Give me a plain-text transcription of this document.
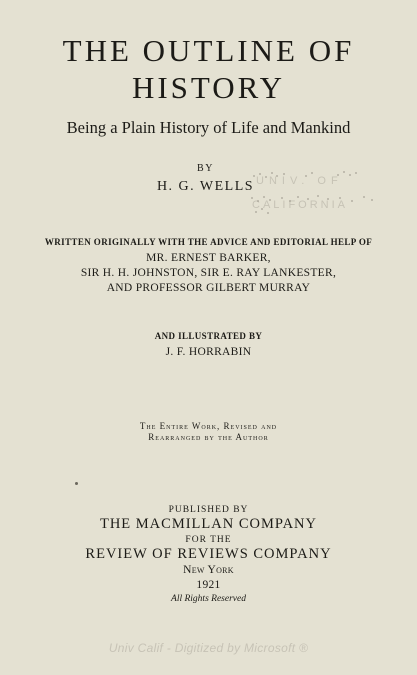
THE OUTLINE OF
HISTORY
Being a Plain History of Life and Mankind
BY
H. G. WELLS UNIV. OF
CALIFORNIA
WRITTEN ORIGINALLY WITH THE ADVICE AND EDITORIAL HELP OF
MR. ERNEST BARKER,
SIR H. H. JOHNSTON, SIR E. RAY LANKESTER,
AND PROFESSOR GILBERT MURRAY
AND ILLUSTRATED BY
J. F. HORRABIN
The Entire Work, Revised and
Rearranged by the Author
PUBLISHED BY
THE MACMILLAN COMPANY
FOR THE
REVIEW OF REVIEWS COMPANY
New York
1921
All Rights Reserved
Univ Calif - Digitized by Microsoft ®
